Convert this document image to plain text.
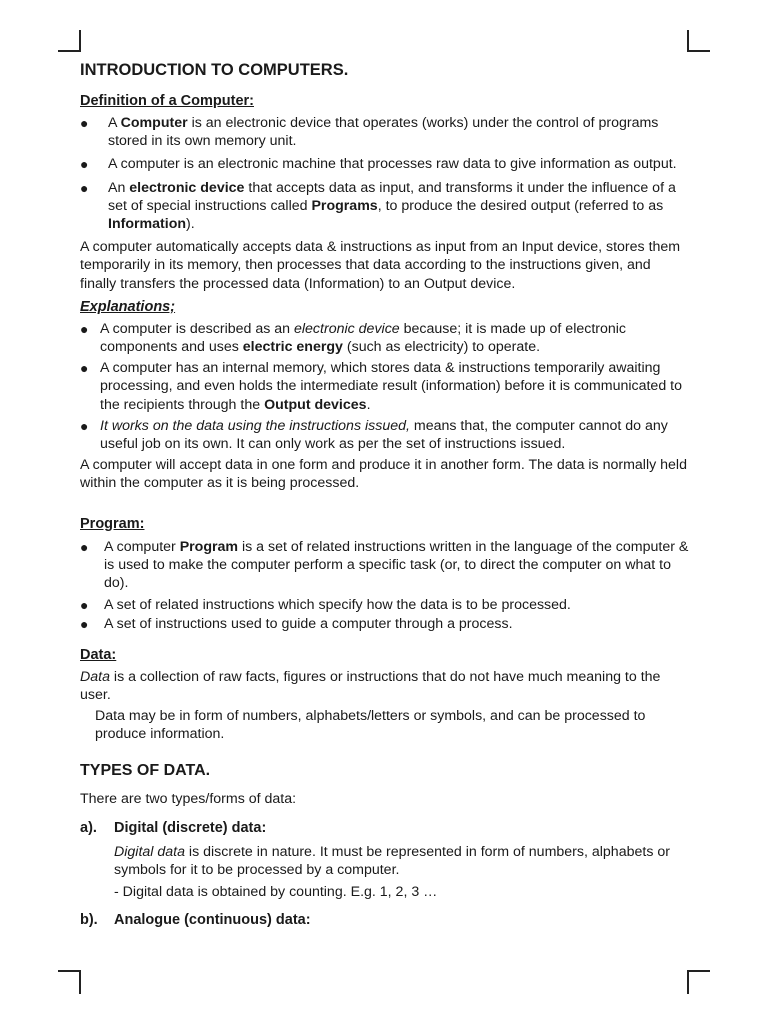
INTRODUCTION TO COMPUTERS.
Definition of a Computer:
● A Computer is an electronic device that operates (works) under the control of programs stored in its own memory unit.
● A computer is an electronic machine that processes raw data to give information as output.
● An electronic device that accepts data as input, and transforms it under the influence of a set of special instructions called Programs, to produce the desired output (referred to as Information).

A computer automatically accepts data & instructions as input from an Input device, stores them temporarily in its memory, then processes that data according to the instructions given, and finally transfers the processed data (Information) to an Output device.

Explanations;
● A computer is described as an electronic device because; it is made up of electronic components and uses electric energy (such as electricity) to operate.
● A computer has an internal memory, which stores data & instructions temporarily awaiting processing, and even holds the intermediate result (information) before it is communicated to the recipients through the Output devices.
● It works on the data using the instructions issued, means that, the computer cannot do any useful job on its own. It can only work as per the set of instructions issued.

A computer will accept data in one form and produce it in another form. The data is normally held within the computer as it is being processed.

Program:
● A computer Program is a set of related instructions written in the language of the computer & is used to make the computer perform a specific task (or, to direct the computer on what to do).
● A set of related instructions which specify how the data is to be processed.
● A set of instructions used to guide a computer through a process.
Data:

Data is a collection of raw facts, figures or instructions that do not have much meaning to the user.

Data may be in form of numbers, alphabets/letters or symbols, and can be processed to produce information.

TYPES OF DATA.

There are two types/forms of data:

a). Digital (discrete) data:

Digital data is discrete in nature. It must be represented in form of numbers, alphabets or symbols for it to be processed by a computer.

- Digital data is obtained by counting. E.g. 1, 2, 3 …

b). Analogue (continuous) data:
